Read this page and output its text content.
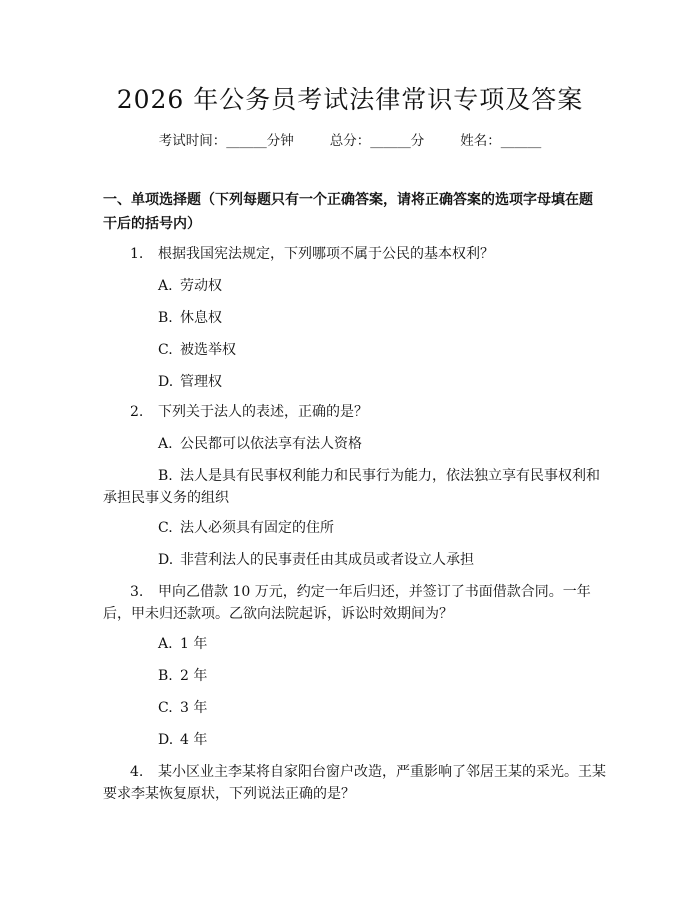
2026 年公务员考试法律常识专项及答案
考试时间：______分钟	总分：______分	姓名：______
一、单项选择题（下列每题只有一个正确答案，请将正确答案的选项字母填在题
干后的括号内）
1. 根据我国宪法规定，下列哪项不属于公民的基本权利？
A. 劳动权
B. 休息权
C. 被选举权
D. 管理权
2. 下列关于法人的表述，正确的是？
A. 公民都可以依法享有法人资格
B. 法人是具有民事权利能力和民事行为能力，依法独立享有民事权利和
承担民事义务的组织
C. 法人必须具有固定的住所
D. 非营利法人的民事责任由其成员或者设立人承担
3. 甲向乙借款 10 万元，约定一年后归还，并签订了书面借款合同。一年
后，甲未归还款项。乙欲向法院起诉，诉讼时效期间为？
A. 1 年
B. 2 年
C. 3 年
D. 4 年
4. 某小区业主李某将自家阳台窗户改造，严重影响了邻居王某的采光。王某
要求李某恢复原状，下列说法正确的是？
